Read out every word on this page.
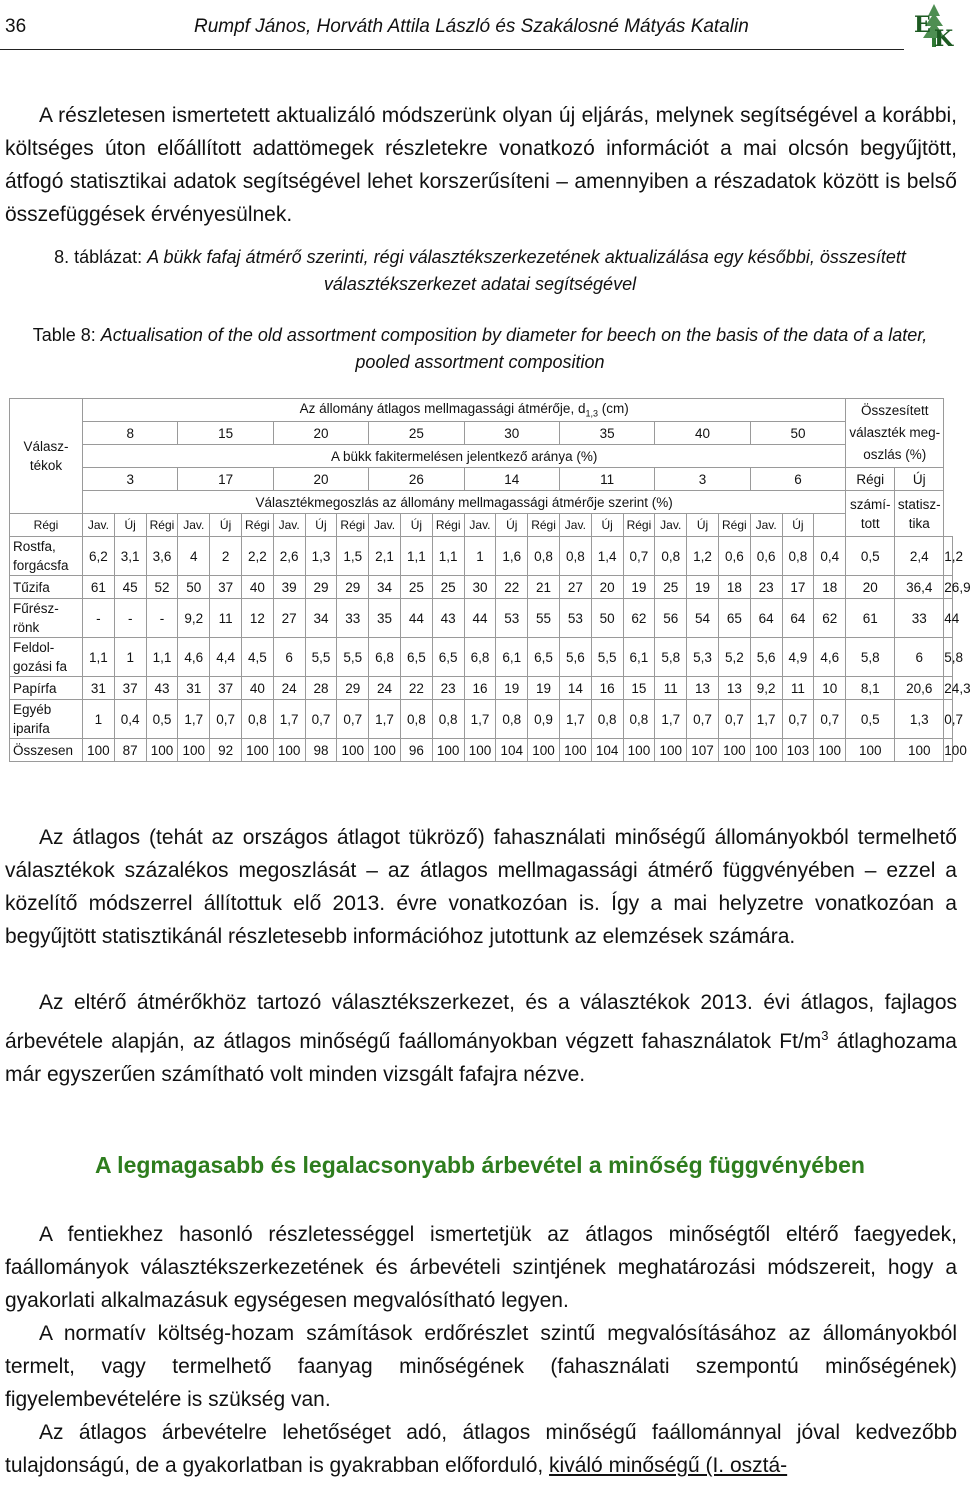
36	Rumpf János, Horváth Attila László és Szakálosné Mátyás Katalin	E
K

A részletesen ismertetett aktualizáló módszerünk olyan új eljárás, melynek segítségével a korábbi, költséges úton előállított adattömegek részletekre vonatkozó információt a mai olcsón begyűjtött, átfogó statisztikai adatok segítségével lehet korszerűsíteni – amennyiben a részadatok között is belső összefüggések érvényesülnek.

8. táblázat: A bükk fafaj átmérő szerinti, régi választékszerkezetének aktualizálása egy későbbi, összesített választékszerkezet adatai segítségével

Table 8: Actualisation of the old assortment composition by diameter for beech on the basis of the data of a later, pooled assortment composition

Válasz-tékok	Az állomány átlagos mellmagassági átmérője, $d_{1,3}$ (cm)																								Összesített választék meg-oszlás (%)		
	8			15			20			25			30			35			40			50					
	A bükk fakitermelésen jelentkező aránya (%)																										
	3			17			20			26			14			11			3			6			Régi	Új	
	Választékmegoszlás az állomány mellmagassági átmérője szerint (%)																								számí-tott	statisz-tika	
Régi	Jav.	Új	Régi	Jav.	Új	Régi	Jav.	Új	Régi	Jav.	Új	Régi	Jav.	Új	Régi	Jav.	Új	Régi	Jav.	Új	Régi	Jav.	Új				
Rostfa, forgácsfa	6,2	3,1	3,6	4	2	2,2	2,6	1,3	1,5	2,1	1,1	1,1	1	1,6	0,8	0,8	1,4	0,7	0,8	1,2	0,6	0,6	0,8	0,4	0,5	2,4	1,2
Tűzifa	61	45	52	50	37	40	39	29	29	34	25	25	30	22	21	27	20	19	25	19	18	23	17	18	20	36,4	26,9
Fűrész-rönk	-	-	-	9,2	11	12	27	34	33	35	44	43	44	53	55	53	50	62	56	54	65	64	64	62	61	33	44
Feldol-gozási fa	1,1	1	1,1	4,6	4,4	4,5	6	5,5	5,5	6,8	6,5	6,5	6,8	6,1	6,5	5,6	5,5	6,1	5,8	5,3	5,2	5,6	4,9	4,6	5,8	6	5,8
Papírfa	31	37	43	31	37	40	24	28	29	24	22	23	16	19	19	14	16	15	11	13	13	9,2	11	10	8,1	20,6	24,3
Egyéb iparifa	1	0,4	0,5	1,7	0,7	0,8	1,7	0,7	0,7	1,7	0,8	0,8	1,7	0,8	0,9	1,7	0,8	0,8	1,7	0,7	0,7	1,7	0,7	0,7	0,5	1,3	0,7
Összesen	100	87	100	100	92	100	100	98	100	100	96	100	100	104	100	100	104	100	100	107	100	100	103	100	100	100	100

Az átlagos (tehát az országos átlagot tükröző) fahasználati minőségű állományokból termelhető választékok százalékos megoszlását – az átlagos mellmagassági átmérő függvényében – ezzel a közelítő módszerrel állítottuk elő 2013. évre vonatkozóan is. Így a mai helyzetre vonatkozóan a begyűjtött statisztikánál részletesebb információhoz jutottunk az elemzések számára.

Az eltérő átmérőkhöz tartozó választékszerkezet, és a választékok 2013. évi átlagos, fajlagos árbevétele alapján, az átlagos minőségű faállományokban végzett fahasználatok $Ft/m^3$ átlaghozama már egyszerűen számítható volt minden vizsgált fafajra nézve.

A legmagasabb és legalacsonyabb árbevétel a minőség függvényében

A fentiekhez hasonló részletességgel ismertetjük az átlagos minőségtől eltérő faegyedek, faállományok választékszerkezetének és árbevételi szintjének meghatározási módszereit, hogy a gyakorlati alkalmazásuk egységesen megvalósítható legyen.

A normatív költség-hozam számítások erdőrészlet szintű megvalósításához az állományokból termelt, vagy termelhető faanyag minőségének (fahasználati szempontú minőségének) figyelembevételére is szükség van.

Az átlagos árbevételre lehetőséget adó, átlagos minőségű faállománnyal jóval kedvezőbb tulajdonságú, de a gyakorlatban is gyakrabban előforduló, kiváló minőségű (I. osztá-
